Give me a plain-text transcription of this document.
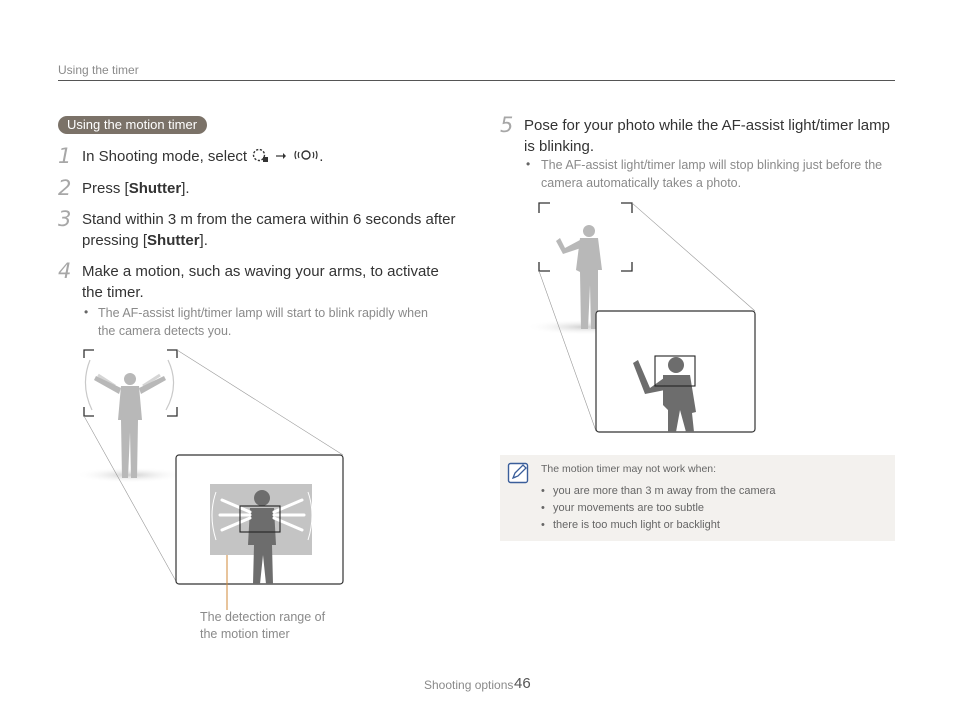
Using the timer
Using the motion timer
1 In Shooting mode, select	.
2 Press [Shutter].
3 Stand within 3 m from the camera within 6 seconds after
pressing [Shutter].
4 Make a motion, such as waving your arms, to activate
the timer.
• The AF-assist light/timer lamp will start to blink rapidly when
the camera detects you.
5 Pose for your photo while the AF-assist light/timer lamp
is blinking.
• The AF-assist light/timer lamp will stop blinking just before the
camera automatically takes a photo.
The detection range of
the motion timer
The motion timer may not work when:
• you are more than 3 m away from the camera
• your movements are too subtle
• there is too much light or backlight
Shooting options 46
